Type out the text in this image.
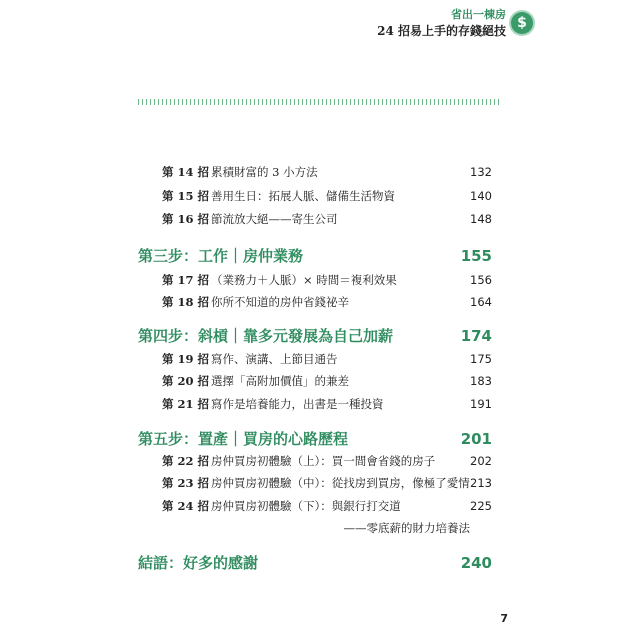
省出一棟房
24 招易上手的存錢絕技 $
第 14 招 累積財富的 3 小方法	132
第 15 招 善用生日：拓展人脈、儲備生活物資	140
第 16 招 節流放大絕——寄生公司	148
第三步：工作｜房仲業務	155
第 17 招 （業務力＋人脈）× 時間＝複利效果	156
第 18 招 你所不知道的房仲省錢祕辛	164
第四步：斜槓｜靠多元發展為自己加薪	174
第 19 招 寫作、演講、上節目通告	175
第 20 招 選擇「高附加價值」的兼差	183
第 21 招 寫作是培養能力，出書是一種投資	191
第五步：置產｜買房的心路歷程	201
第 22 招 房仲買房初體驗（上）：買一間會省錢的房子	202
第 23 招 房仲買房初體驗（中）：從找房到買房，像極了愛情 213
第 24 招 房仲買房初體驗（下）：與銀行打交道	225
——零底薪的財力培養法
結語：好多的感謝	240
7
